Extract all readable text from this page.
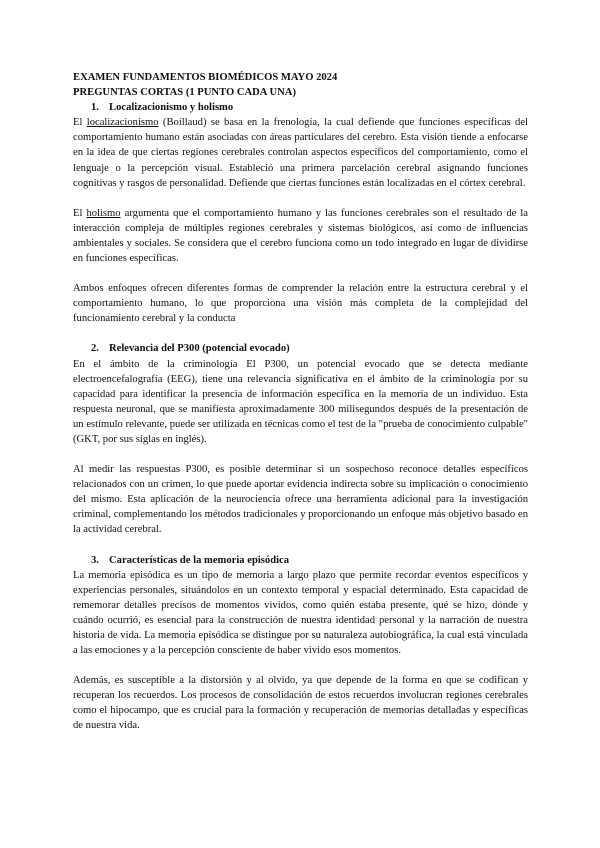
EXAMEN FUNDAMENTOS BIOMÉDICOS MAYO 2024

PREGUNTAS CORTAS (1 PUNTO CADA UNA)

1. Localizacionismo y holismo

El localizacionismo (Boillaud) se basa en la frenología, la cual defiende que funciones específicas del comportamiento humano están asociadas con áreas particulares del cerebro. Esta visión tiende a enfocarse en la idea de que ciertas regiones cerebrales controlan aspectos específicos del comportamiento, como el lenguaje o la percepción visual. Estableció una primera parcelación cerebral asignando funciones cognitivas y rasgos de personalidad. Defiende que ciertas funciones están localizadas en el córtex cerebral.

El holismo argumenta que el comportamiento humano y las funciones cerebrales son el resultado de la interacción compleja de múltiples regiones cerebrales y sistemas biológicos, así como de influencias ambientales y sociales. Se considera que el cerebro funciona como un todo integrado en lugar de dividirse en funciones específicas.

Ambos enfoques ofrecen diferentes formas de comprender la relación entre la estructura cerebral y el comportamiento humano, lo que proporciona una visión más completa de la complejidad del funcionamiento cerebral y la conducta

2. Relevancia del P300 (potencial evocado)

En el ámbito de la criminología El P300, un potencial evocado que se detecta mediante electroencefalografía (EEG), tiene una relevancia significativa en el ámbito de la criminología por su capacidad para identificar la presencia de información específica en la memoria de un individuo. Esta respuesta neuronal, que se manifiesta aproximadamente 300 milisegundos después de la presentación de un estímulo relevante, puede ser utilizada en técnicas como el test de la "prueba de conocimiento culpable" (GKT, por sus siglas en inglés).

Al medir las respuestas P300, es posible determinar si un sospechoso reconoce detalles específicos relacionados con un crimen, lo que puede aportar evidencia indirecta sobre su implicación o conocimiento del mismo. Esta aplicación de la neurociencia ofrece una herramienta adicional para la investigación criminal, complementando los métodos tradicionales y proporcionando un enfoque más objetivo basado en la actividad cerebral.

3. Características de la memoria episódica

La memoria episódica es un tipo de memoria a largo plazo que permite recordar eventos específicos y experiencias personales, situándolos en un contexto temporal y espacial determinado. Esta capacidad de rememorar detalles precisos de momentos vividos, como quién estaba presente, qué se hizo, dónde y cuándo ocurrió, es esencial para la construcción de nuestra identidad personal y la narración de nuestra historia de vida. La memoria episódica se distingue por su naturaleza autobiográfica, la cual está vinculada a las emociones y a la percepción consciente de haber vivido esos momentos.

Además, es susceptible a la distorsión y al olvido, ya que depende de la forma en que se codifican y recuperan los recuerdos. Los procesos de consolidación de estos recuerdos involucran regiones cerebrales como el hipocampo, que es crucial para la formación y recuperación de memorias detalladas y específicas de nuestra vida.
